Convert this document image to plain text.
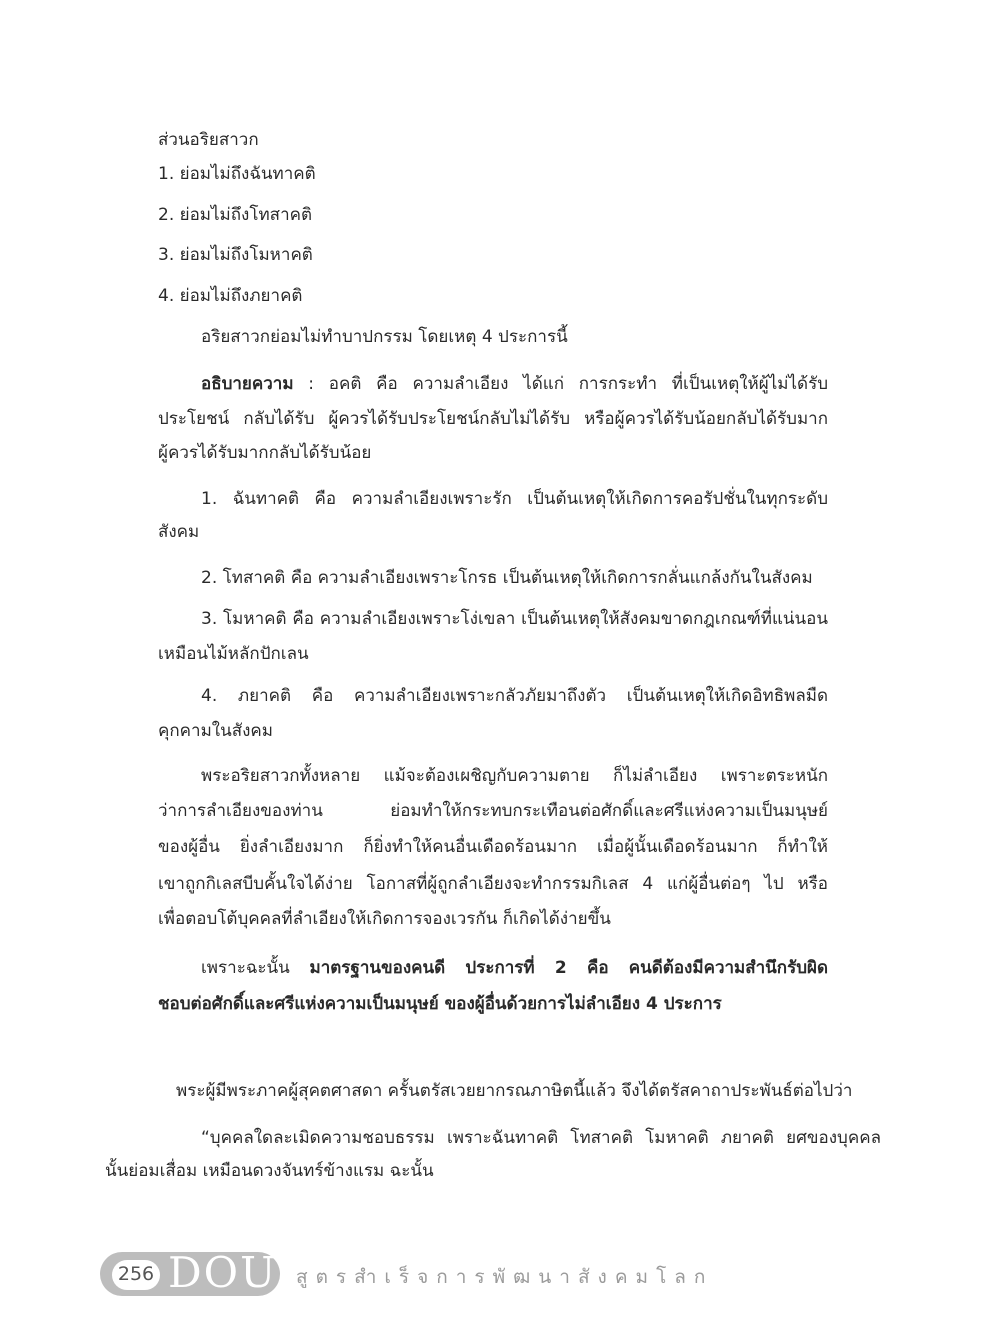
ส่วนอริยสาวก
1. ย่อมไม่ถึงฉันทาคติ
2. ย่อมไม่ถึงโทสาคติ
3. ย่อมไม่ถึงโมหาคติ
4. ย่อมไม่ถึงภยาคติ
อริยสาวกย่อมไม่ทำบาปกรรม โดยเหตุ 4 ประการนี้
อธิบายความ : อคติ คือ ความลำเอียง ได้แก่ การกระทำ ที่เป็นเหตุให้ผู้ไม่ได้รับ
ประโยชน์ กลับได้รับ ผู้ควรได้รับประโยชน์กลับไม่ได้รับ หรือผู้ควรได้รับน้อยกลับได้รับมาก
ผู้ควรได้รับมากกลับได้รับน้อย
1. ฉันทาคติ คือ ความลำเอียงเพราะรัก เป็นต้นเหตุให้เกิดการคอรัปชั่นในทุกระดับ
สังคม
2. โทสาคติ คือ ความลำเอียงเพราะโกรธ เป็นต้นเหตุให้เกิดการกลั่นแกล้งกันในสังคม
3. โมหาคติ คือ ความลำเอียงเพราะโง่เขลา เป็นต้นเหตุให้สังคมขาดกฎเกณฑ์ที่แน่นอน
เหมือนไม้หลักปักเลน
4. ภยาคติ คือ ความลำเอียงเพราะกลัวภัยมาถึงตัว เป็นต้นเหตุให้เกิดอิทธิพลมืด
คุกคามในสังคม
พระอริยสาวกทั้งหลาย แม้จะต้องเผชิญกับความตาย ก็ไม่ลำเอียง เพราะตระหนัก
ว่าการลำเอียงของท่าน ย่อมทำให้กระทบกระเทือนต่อศักดิ์และศรีแห่งความเป็นมนุษย์
ของผู้อื่น ยิ่งลำเอียงมาก ก็ยิ่งทำให้คนอื่นเดือดร้อนมาก เมื่อผู้นั้นเดือดร้อนมาก ก็ทำให้
เขาถูกกิเลสบีบคั้นใจได้ง่าย โอกาสที่ผู้ถูกลำเอียงจะทำกรรมกิเลส 4 แก่ผู้อื่นต่อๆ ไป หรือ
เพื่อตอบโต้บุคคลที่ลำเอียงให้เกิดการจองเวรกัน ก็เกิดได้ง่ายขึ้น
เพราะฉะนั้น มาตรฐานของคนดี ประการที่ 2 คือ คนดีต้องมีความสำนึกรับผิด
ชอบต่อศักดิ์และศรีแห่งความเป็นมนุษย์ ของผู้อื่นด้วยการไม่ลำเอียง 4 ประการ
พระผู้มีพระภาคผู้สุคตศาสดา ครั้นตรัสเวยยากรณภาษิตนี้แล้ว จึงได้ตรัสคาถาประพันธ์ต่อไปว่า
“บุคคลใดละเมิดความชอบธรรม เพราะฉันทาคติ โทสาคติ โมหาคติ ภยาคติ ยศของบุคคล
นั้นย่อมเสื่อม เหมือนดวงจันทร์ข้างแรม ฉะนั้น
256 DOU สูตรสำเร็จการพัฒนาสังคมโลก
